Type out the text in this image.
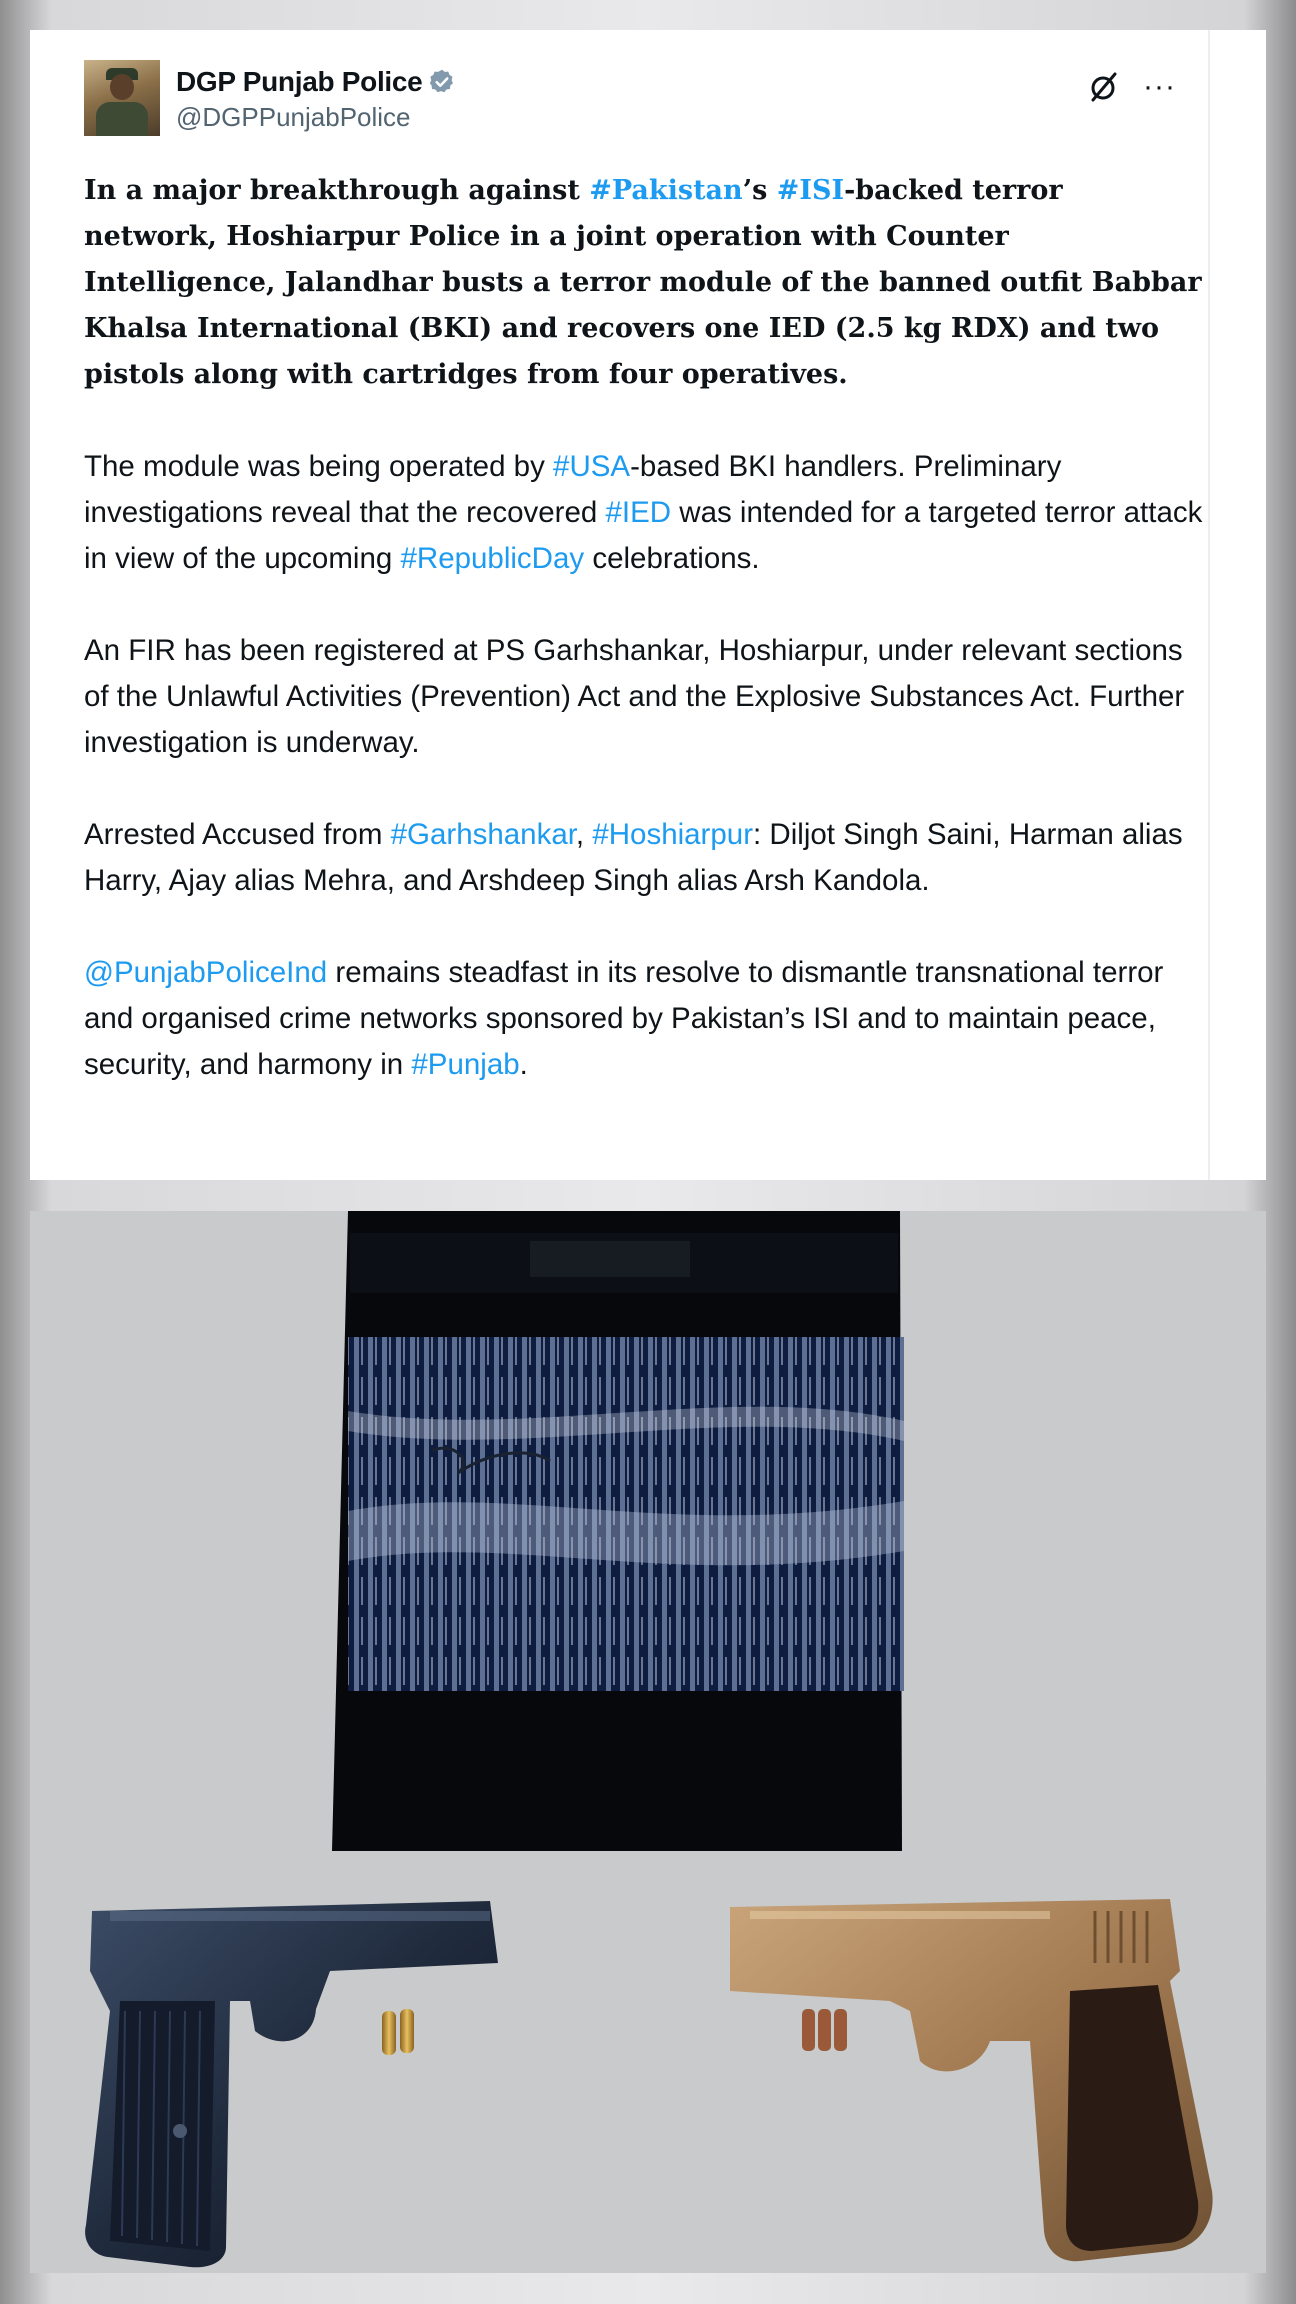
DGP Punjab Police
@DGPPunjabPolice
···

In a major breakthrough against #Pakistan’s #ISI-backed terror network, Hoshiarpur Police in a joint operation with Counter Intelligence, Jalandhar busts a terror module of the banned outfit Babbar Khalsa International (BKI) and recovers one IED (2.5 kg RDX) and two pistols along with cartridges from four operatives.

The module was being operated by #USA-based BKI handlers. Preliminary investigations reveal that the recovered #IED was intended for a targeted terror attack in view of the upcoming #RepublicDay celebrations.

An FIR has been registered at PS Garhshankar, Hoshiarpur, under relevant sections of the Unlawful Activities (Prevention) Act and the Explosive Substances Act. Further investigation is underway.

Arrested Accused from #Garhshankar, #Hoshiarpur: Diljot Singh Saini, Harman alias Harry, Ajay alias Mehra, and Arshdeep Singh alias Arsh Kandola.

@PunjabPoliceInd remains steadfast in its resolve to dismantle transnational terror and organised crime networks sponsored by Pakistan’s ISI and to maintain peace, security, and harmony in #Punjab.
